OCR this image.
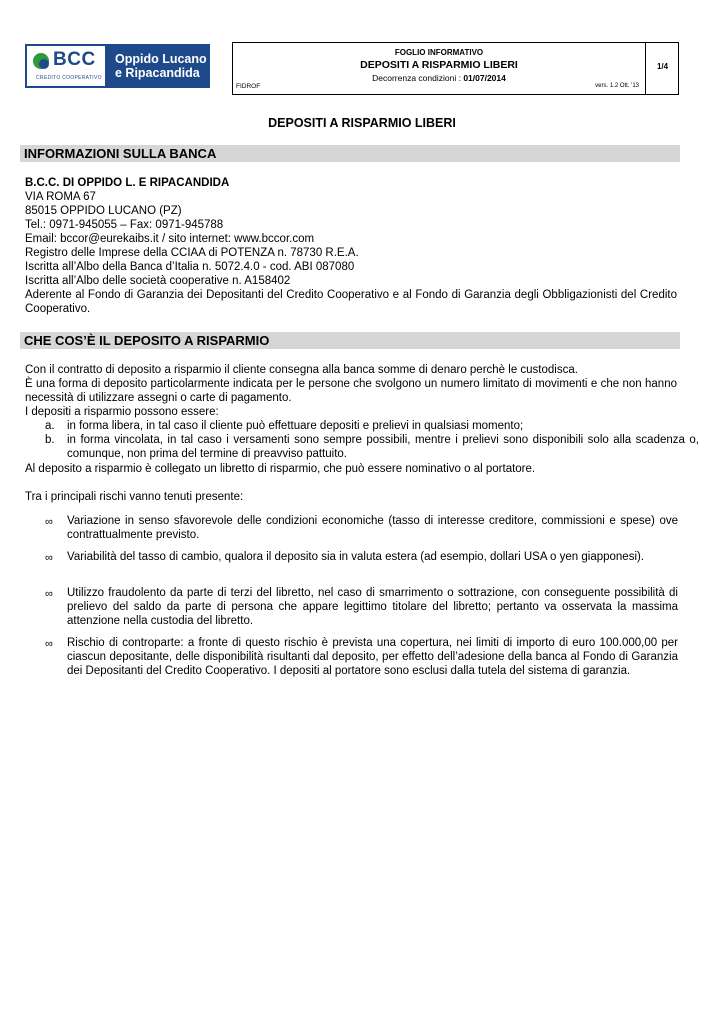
BCC
CREDITO COOPERATIVO
Oppido Lucano
e Ripacandida
FOGLIO INFORMATIVO
DEPOSITI A RISPARMIO LIBERI
Decorrenza condizioni : 01/07/2014
FIDROF	vers. 1.2 Ott. '13
1/4
DEPOSITI A RISPARMIO LIBERI
INFORMAZIONI SULLA BANCA
B.C.C. DI OPPIDO L. E RIPACANDIDA
VIA ROMA 67
85015 OPPIDO LUCANO (PZ)
Tel.: 0971-945055 – Fax: 0971-945788
Email: bccor@eurekaibs.it / sito internet: www.bccor.com
Registro delle Imprese della CCIAA di POTENZA n. 78730 R.E.A.
Iscritta all’Albo della Banca d’Italia n. 5072.4.0 - cod. ABI 087080
Iscritta all’Albo delle società cooperative n. A158402
Aderente al Fondo di Garanzia dei Depositanti del Credito Cooperativo e al Fondo di Garanzia degli Obbligazionisti del Credito Cooperativo.
CHE COS’È IL DEPOSITO A RISPARMIO
Con il contratto di deposito a risparmio il cliente consegna alla banca somme di denaro perchè le custodisca.
È una forma di deposito particolarmente indicata per le persone che svolgono un numero limitato di movimenti e che non hanno necessità di utilizzare assegni o carte di pagamento.
I depositi a risparmio possono essere:
a. in forma libera, in tal caso il cliente può effettuare depositi e prelievi in qualsiasi momento;
b. in forma vincolata, in tal caso i versamenti sono sempre possibili, mentre i prelievi sono disponibili solo alla scadenza o, comunque, non prima del termine di preavviso pattuito.
Al deposito a risparmio è collegato un libretto di risparmio, che può essere nominativo o al portatore.
Tra i principali rischi vanno tenuti presente:
∞ Variazione in senso sfavorevole delle condizioni economiche (tasso di interesse creditore, commissioni e spese) ove contrattualmente previsto.
∞ Variabilità del tasso di cambio, qualora il deposito sia in valuta estera (ad esempio, dollari USA o yen giapponesi).
∞ Utilizzo fraudolento da parte di terzi del libretto, nel caso di smarrimento o sottrazione, con conseguente possibilità di prelievo del saldo da parte di persona che appare legittimo titolare del libretto; pertanto va osservata la massima attenzione nella custodia del libretto.
∞ Rischio di controparte: a fronte di questo rischio è prevista una copertura, nei limiti di importo di euro 100.000,00 per ciascun depositante, delle disponibilità risultanti dal deposito, per effetto dell’adesione della banca al Fondo di Garanzia dei Depositanti del Credito Cooperativo. I depositi al portatore sono esclusi dalla tutela del sistema di garanzia.
